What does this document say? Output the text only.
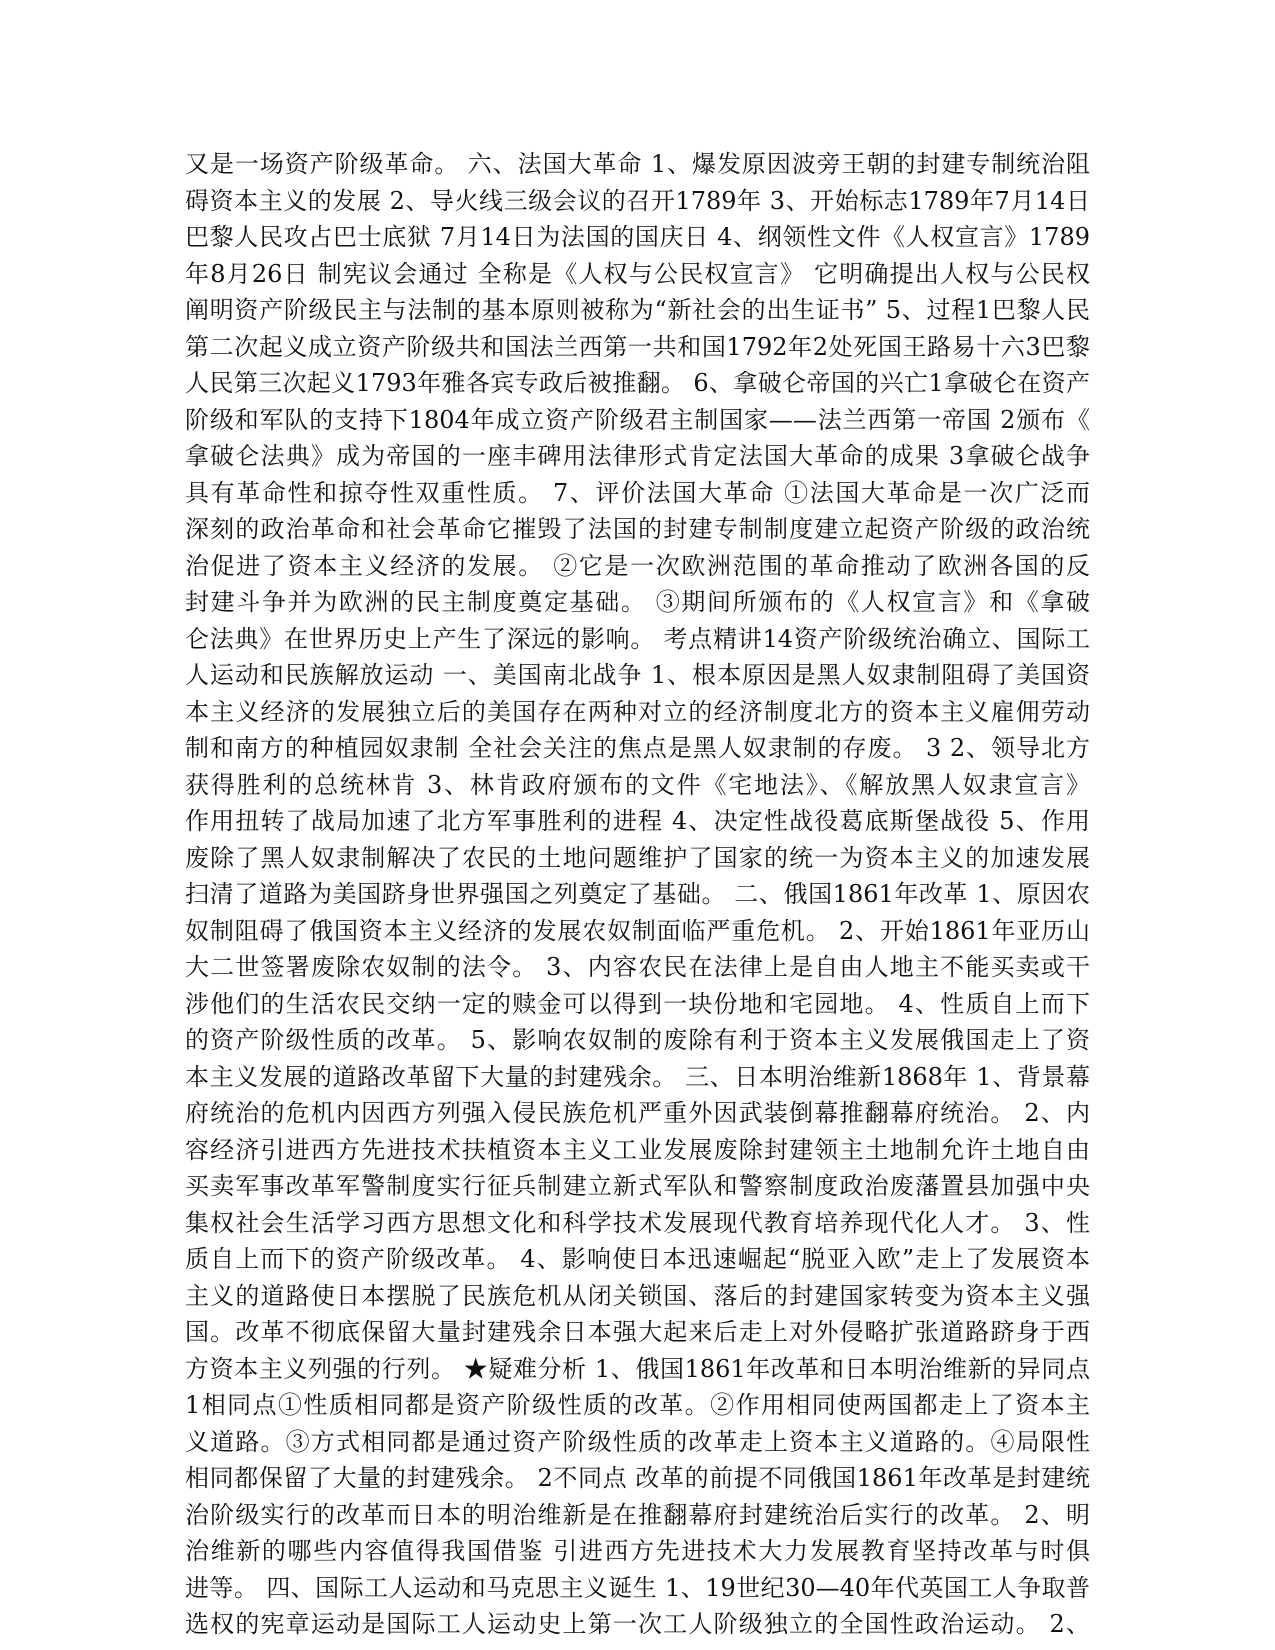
又是一场资产阶级革命。 六、法国大革命 1、爆发原因波旁王朝的封建专制统治阻
碍资本主义的发展 2、导火线三级会议的召开1789年 3、开始标志1789年7月14日
巴黎人民攻占巴士底狱 7月14日为法国的国庆日 4、纲领性文件《人权宣言》1789
年8月26日 制宪议会通过 全称是《人权与公民权宣言》 它明确提出人权与公民权
阐明资产阶级民主与法制的基本原则被称为“新社会的出生证书” 5、过程1巴黎人民
第二次起义成立资产阶级共和国法兰西第一共和国1792年2处死国王路易十六3巴黎
人民第三次起义1793年雅各宾专政后被推翻。 6、拿破仑帝国的兴亡1拿破仑在资产
阶级和军队的支持下1804年成立资产阶级君主制国家——法兰西第一帝国 2颁布《
拿破仑法典》成为帝国的一座丰碑用法律形式肯定法国大革命的成果 3拿破仑战争
具有革命性和掠夺性双重性质。 7、评价法国大革命 ①法国大革命是一次广泛而
深刻的政治革命和社会革命它摧毁了法国的封建专制制度建立起资产阶级的政治统
治促进了资本主义经济的发展。 ②它是一次欧洲范围的革命推动了欧洲各国的反
封建斗争并为欧洲的民主制度奠定基础。 ③期间所颁布的《人权宣言》和《拿破
仑法典》在世界历史上产生了深远的影响。 考点精讲14资产阶级统治确立、国际工
人运动和民族解放运动 一、美国南北战争 1、根本原因是黑人奴隶制阻碍了美国资
本主义经济的发展独立后的美国存在两种对立的经济制度北方的资本主义雇佣劳动
制和南方的种植园奴隶制 全社会关注的焦点是黑人奴隶制的存废。 3 2、领导北方
获得胜利的总统林肯 3、林肯政府颁布的文件《宅地法》、《解放黑人奴隶宣言》
作用扭转了战局加速了北方军事胜利的进程 4、决定性战役葛底斯堡战役 5、作用
废除了黑人奴隶制解决了农民的土地问题维护了国家的统一为资本主义的加速发展
扫清了道路为美国跻身世界强国之列奠定了基础。 二、俄国1861年改革 1、原因农
奴制阻碍了俄国资本主义经济的发展农奴制面临严重危机。 2、开始1861年亚历山
大二世签署废除农奴制的法令。 3、内容农民在法律上是自由人地主不能买卖或干
涉他们的生活农民交纳一定的赎金可以得到一块份地和宅园地。 4、性质自上而下
的资产阶级性质的改革。 5、影响农奴制的废除有利于资本主义发展俄国走上了资
本主义发展的道路改革留下大量的封建残余。 三、日本明治维新1868年 1、背景幕
府统治的危机内因西方列强入侵民族危机严重外因武装倒幕推翻幕府统治。 2、内
容经济引进西方先进技术扶植资本主义工业发展废除封建领主土地制允许土地自由
买卖军事改革军警制度实行征兵制建立新式军队和警察制度政治废藩置县加强中央
集权社会生活学习西方思想文化和科学技术发展现代教育培养现代化人才。 3、性
质自上而下的资产阶级改革。 4、影响使日本迅速崛起“脱亚入欧”走上了发展资本
主义的道路使日本摆脱了民族危机从闭关锁国、落后的封建国家转变为资本主义强
国。改革不彻底保留大量封建残余日本强大起来后走上对外侵略扩张道路跻身于西
方资本主义列强的行列。 ★疑难分析 1、俄国1861年改革和日本明治维新的异同点
1相同点①性质相同都是资产阶级性质的改革。②作用相同使两国都走上了资本主
义道路。③方式相同都是通过资产阶级性质的改革走上资本主义道路的。④局限性
相同都保留了大量的封建残余。 2不同点 改革的前提不同俄国1861年改革是封建统
治阶级实行的改革而日本的明治维新是在推翻幕府封建统治后实行的改革。 2、明
治维新的哪些内容值得我国借鉴 引进西方先进技术大力发展教育坚持改革与时俱
进等。 四、国际工人运动和马克思主义诞生 1、19世纪30—40年代英国工人争取普
选权的宪章运动是国际工人运动史上第一次工人阶级独立的全国性政治运动。 2、
